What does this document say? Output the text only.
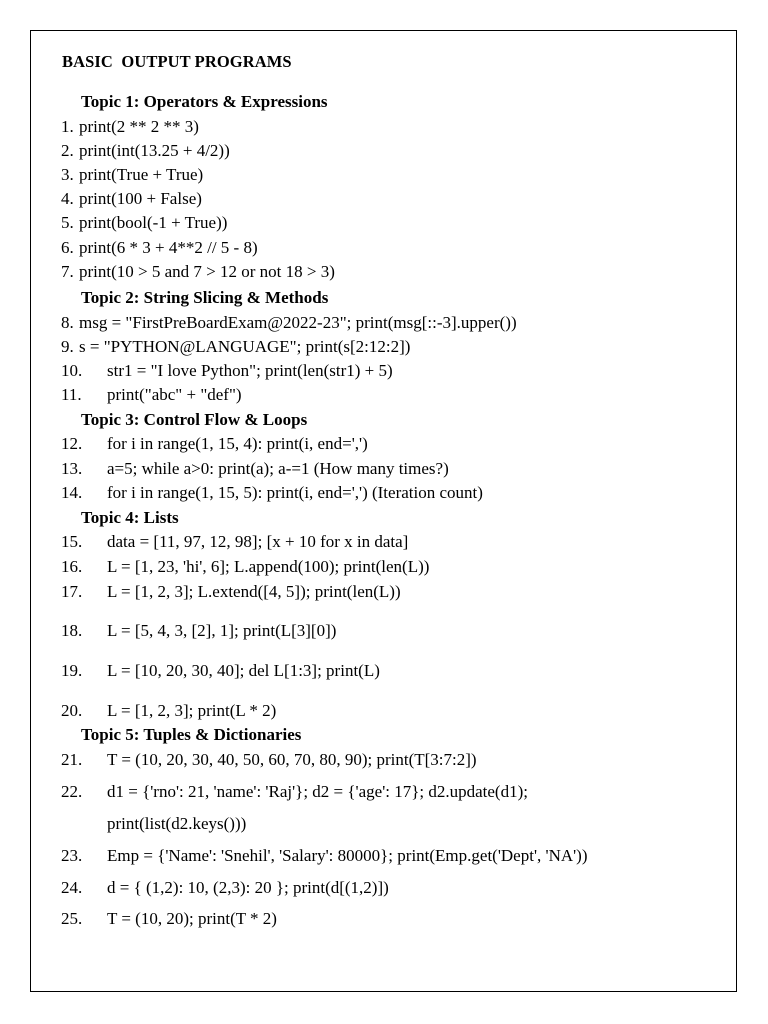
BASIC  OUTPUT PROGRAMS
Topic 1: Operators & Expressions
1. print(2 ** 2 ** 3)
2. print(int(13.25 + 4/2))
3. print(True + True)
4. print(100 + False)
5. print(bool(-1 + True))
6. print(6 * 3 + 4**2 // 5 - 8)
7. print(10 > 5 and 7 > 12 or not 18 > 3)
Topic 2: String Slicing & Methods
8. msg = "FirstPreBoardExam@2022-23"; print(msg[::-3].upper())
9. s = "PYTHON@LANGUAGE"; print(s[2:12:2])
10. str1 = "I love Python"; print(len(str1) + 5)
11. print("abc" + "def")
Topic 3: Control Flow & Loops
12. for i in range(1, 15, 4): print(i, end=',')
13. a=5; while a>0: print(a); a-=1 (How many times?)
14. for i in range(1, 15, 5): print(i, end=',') (Iteration count)
Topic 4: Lists
15. data = [11, 97, 12, 98]; [x + 10 for x in data]
16. L = [1, 23, 'hi', 6]; L.append(100); print(len(L))
17. L = [1, 2, 3]; L.extend([4, 5]); print(len(L))
18. L = [5, 4, 3, [2], 1]; print(L[3][0])
19. L = [10, 20, 30, 40]; del L[1:3]; print(L)
20. L = [1, 2, 3]; print(L * 2)
Topic 5: Tuples & Dictionaries
21. T = (10, 20, 30, 40, 50, 60, 70, 80, 90); print(T[3:7:2])
22. d1 = {'rno': 21, 'name': 'Raj'}; d2 = {'age': 17}; d2.update(d1);
print(list(d2.keys()))
23. Emp = {'Name': 'Snehil', 'Salary': 80000}; print(Emp.get('Dept', 'NA'))
24. d = { (1,2): 10, (2,3): 20 }; print(d[(1,2)])
25. T = (10, 20); print(T * 2)
